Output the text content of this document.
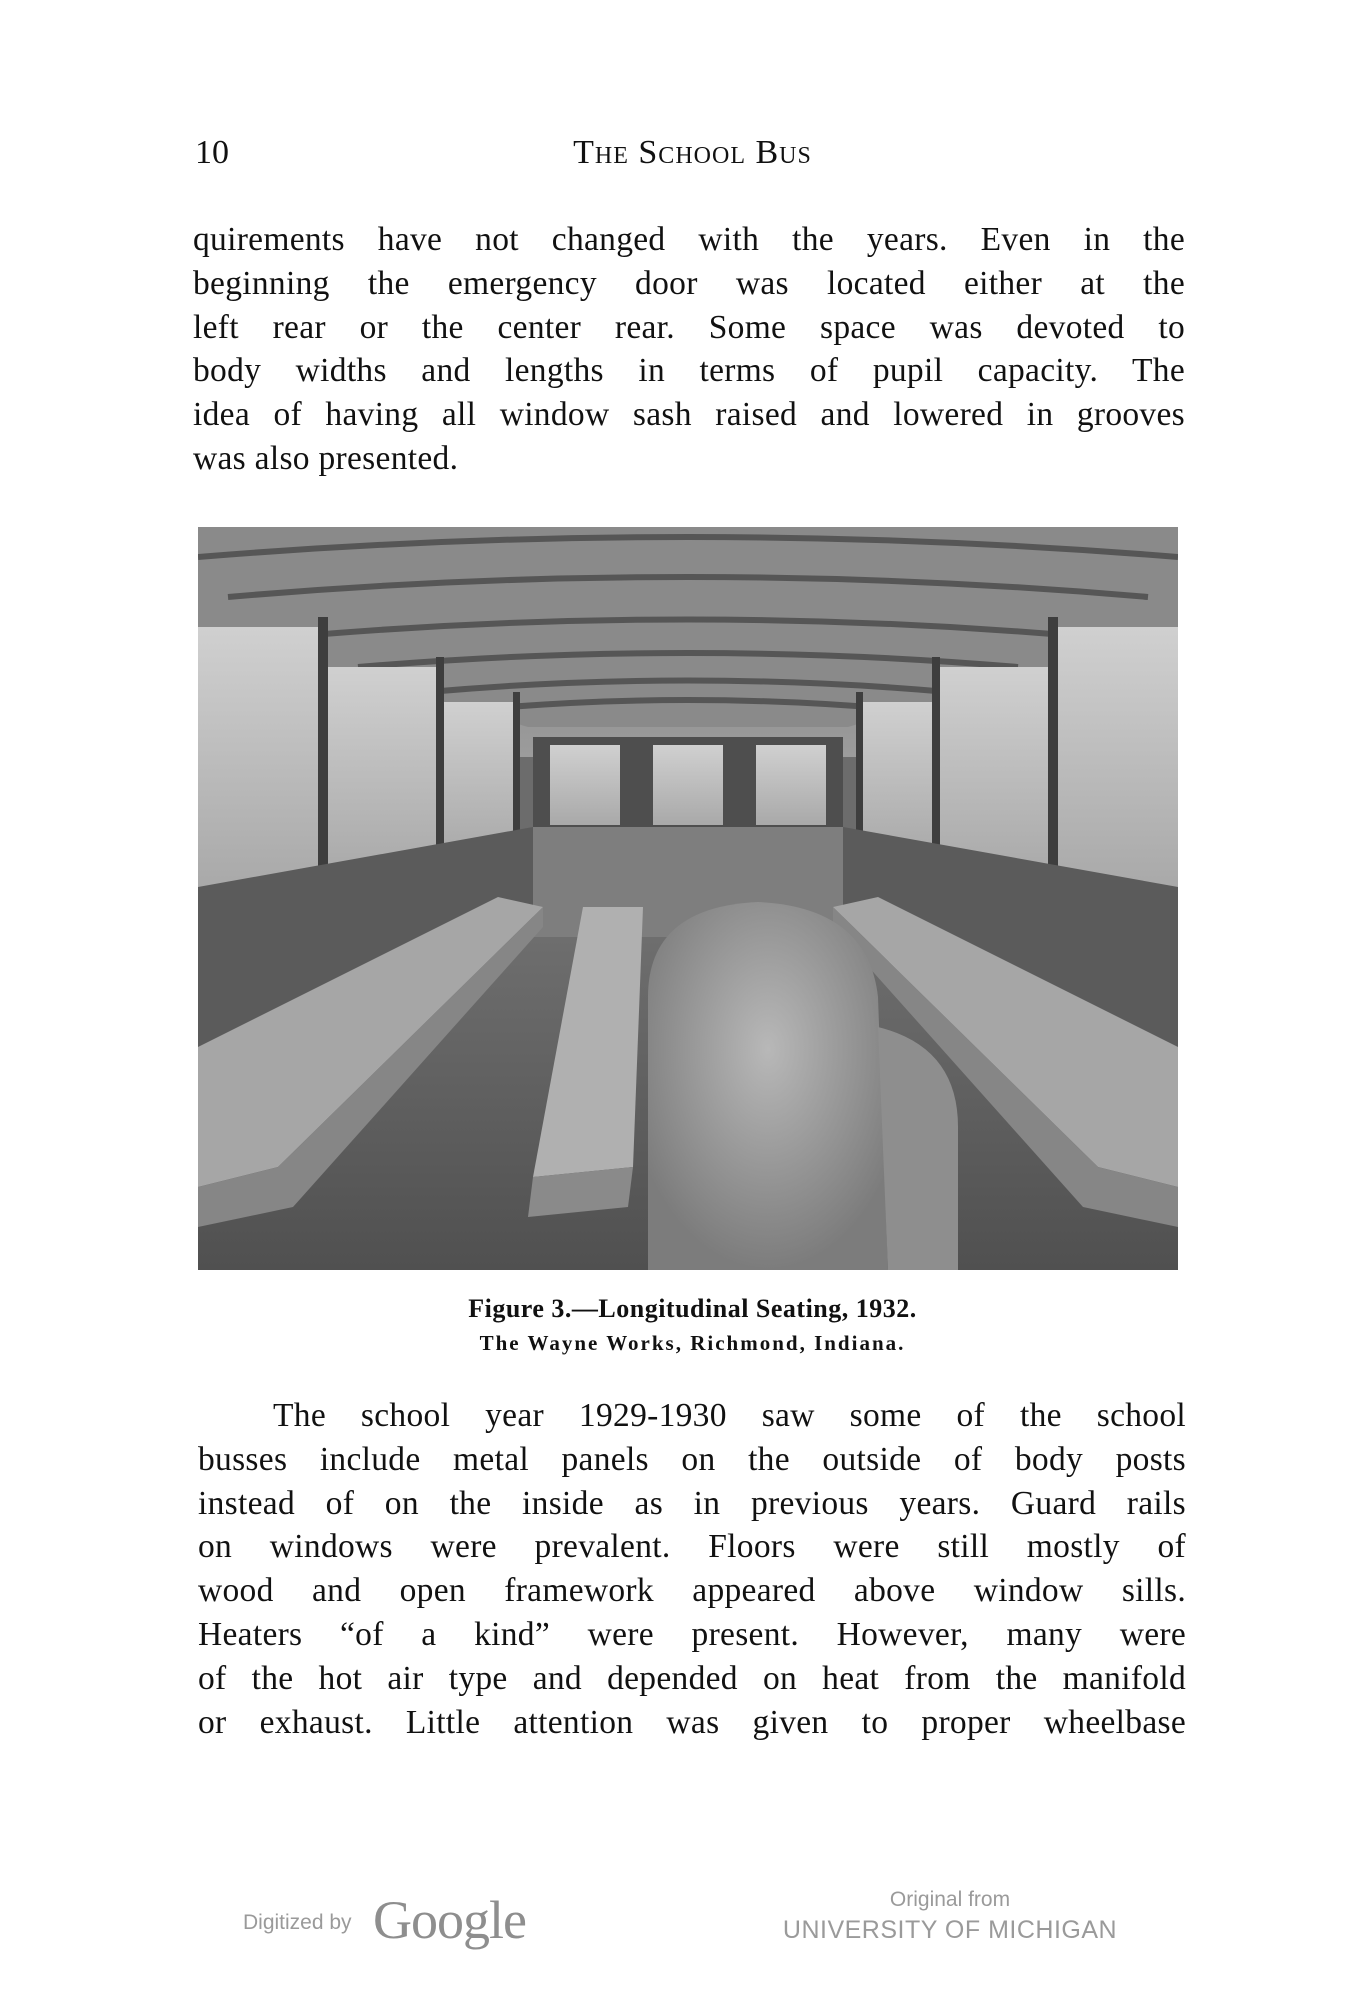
10	The School Bus

quirements have not changed with the years. Even in the
beginning the emergency door was located either at the
left rear or the center rear. Some space was devoted to
body widths and lengths in terms of pupil capacity. The
idea of having all window sash raised and lowered in grooves
was also presented.

Figure 3.—Longitudinal Seating, 1932.
The Wayne Works, Richmond, Indiana.

The school year 1929-1930 saw some of the school
busses include metal panels on the outside of body posts
instead of on the inside as in previous years. Guard rails
on windows were prevalent. Floors were still mostly of
wood and open framework appeared above window sills.
Heaters “of a kind” were present. However, many were
of the hot air type and depended on heat from the manifold
or exhaust. Little attention was given to proper wheelbase

Digitized by Google	Original from
UNIVERSITY OF MICHIGAN
